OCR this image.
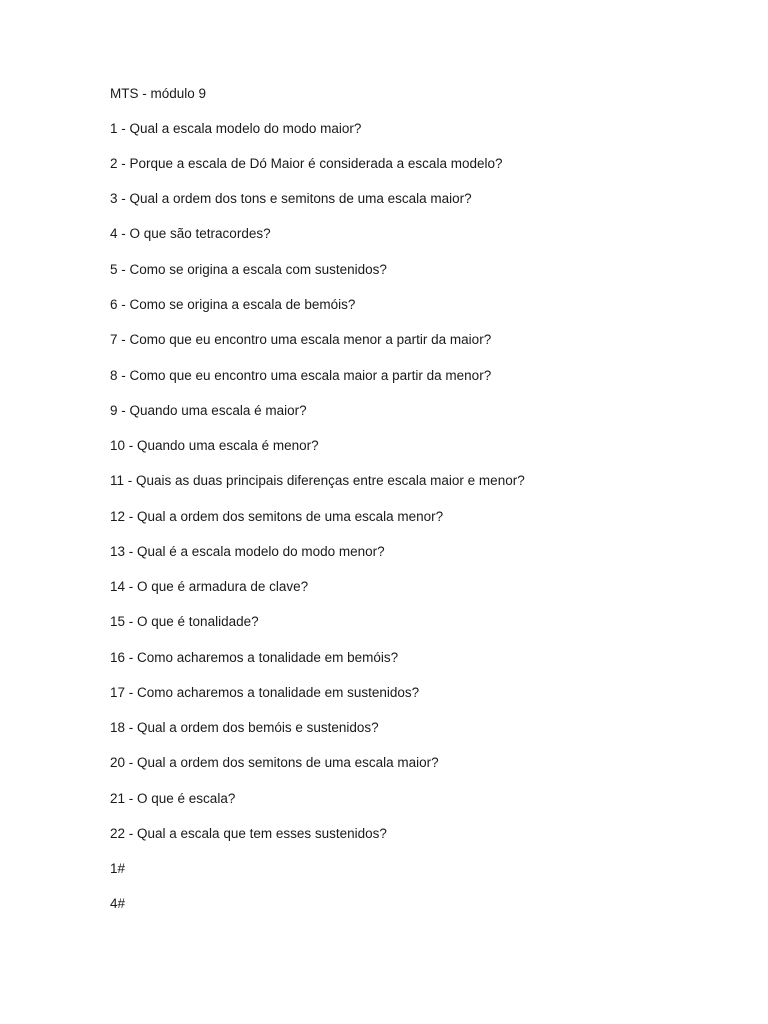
MTS - módulo 9
1 - Qual a escala modelo do modo maior?
2 - Porque a escala de Dó Maior é considerada a escala modelo?
3 - Qual a ordem dos tons e semitons de uma escala maior?
4 - O que são tetracordes?
5 - Como se origina a escala com sustenidos?
6 - Como se origina a escala de bemóis?
7 - Como que eu encontro uma escala menor a partir da maior?
8 - Como que eu encontro uma escala maior a partir da menor?
9 - Quando uma escala é maior?
10 - Quando uma escala é menor?
11 - Quais as duas principais diferenças entre escala maior e menor?
12 - Qual a ordem dos semitons de uma escala menor?
13 - Qual é a escala modelo do modo menor?
14 - O que é armadura de clave?
15 - O que é tonalidade?
16 - Como acharemos a tonalidade em bemóis?
17 - Como acharemos a tonalidade em sustenidos?
18 - Qual a ordem dos bemóis e sustenidos?
20 - Qual a ordem dos semitons de uma escala maior?
21 - O que é escala?
22 - Qual a escala que tem esses sustenidos?
1#
4#
